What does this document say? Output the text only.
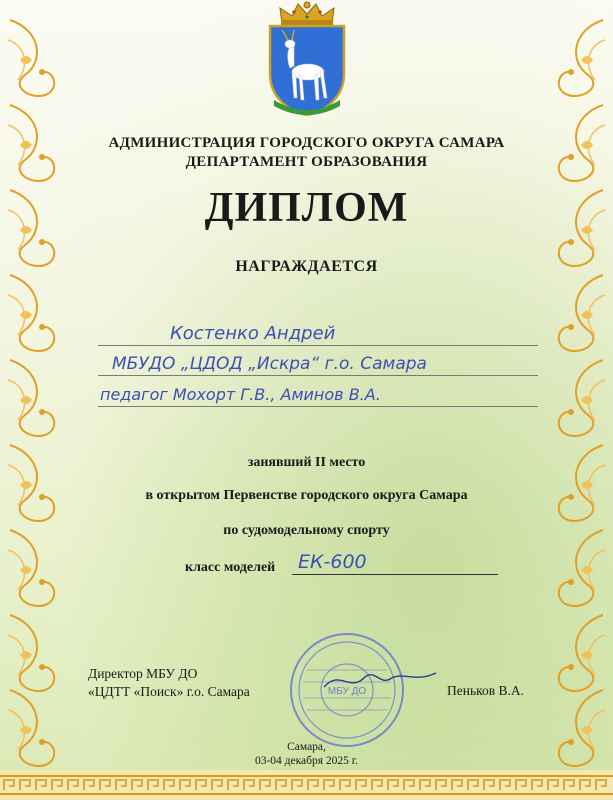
АДМИНИСТРАЦИЯ ГОРОДСКОГО ОКРУГА САМАРА
ДЕПАРТАМЕНТ ОБРАЗОВАНИЯ
ДИПЛОМ
НАГРАЖДАЕТСЯ
Костенко Андрей
МБУДО „ЦДОД „Искра“ г.о. Самара
педагог Мохорт Г.В., Аминов В.А.
занявший II место
в открытом Первенстве городского округа Самара
по судомодельному спорту
класс моделей	ЕК-600
Директор МБУ ДО
«ЦДТТ «Поиск» г.о. Самара	Пеньков В.А.
МБУ ДО
Самара,
03-04 декабря 2025 г.
